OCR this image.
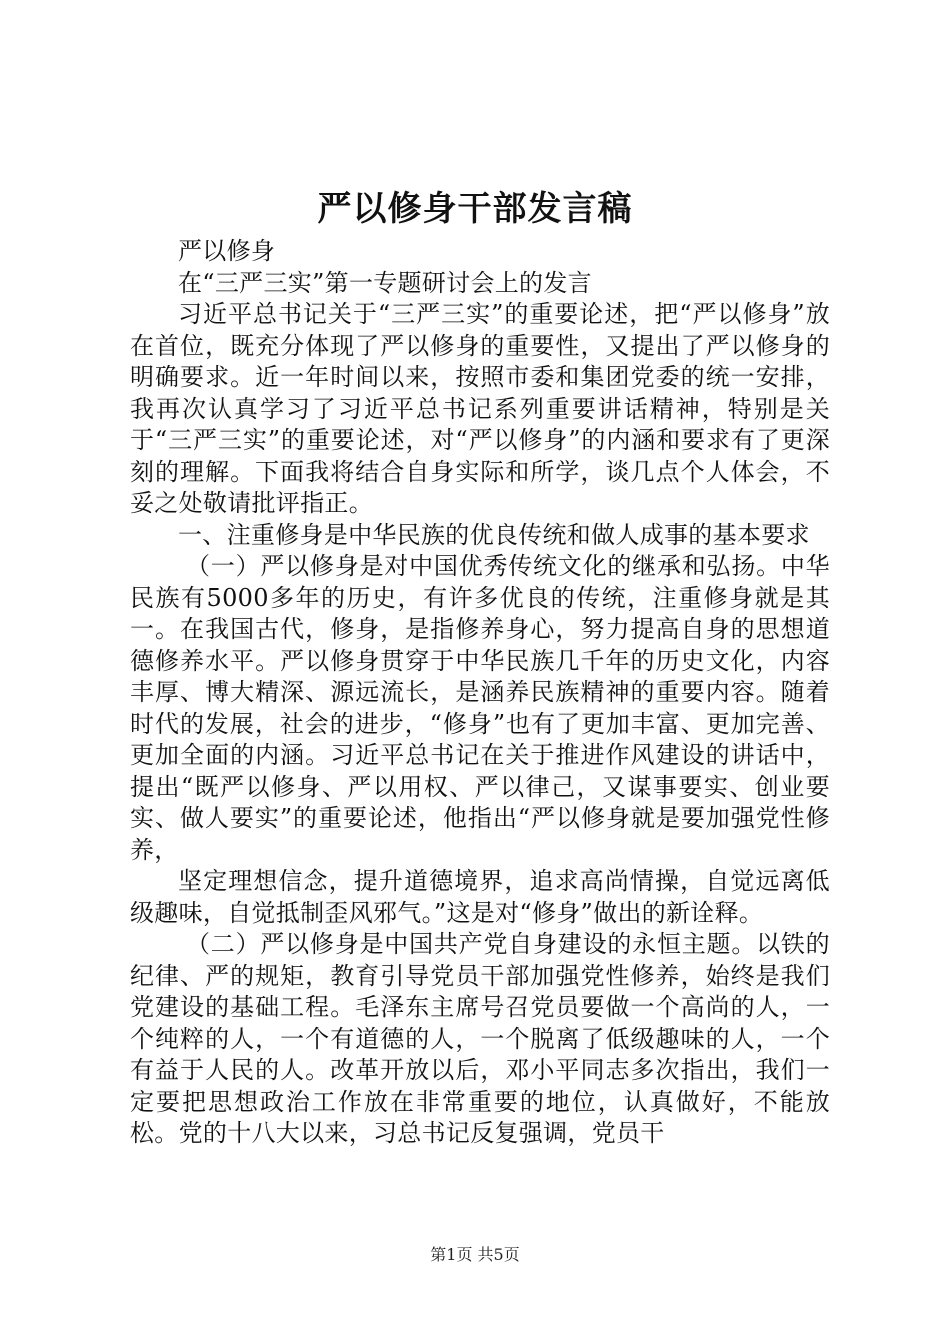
严以修身干部发言稿

严以修身

在“三严三实”第一专题研讨会上的发言

习近平总书记关于“三严三实”的重要论述，把“严以修身”放在首位，既充分体现了严以修身的重要性，又提出了严以修身的明确要求。近一年时间以来，按照市委和集团党委的统一安排，我再次认真学习了习近平总书记系列重要讲话精神，特别是关于“三严三实”的重要论述，对“严以修身”的内涵和要求有了更深刻的理解。下面我将结合自身实际和所学，谈几点个人体会，不妥之处敬请批评指正。

一、注重修身是中华民族的优良传统和做人成事的基本要求

（一）严以修身是对中国优秀传统文化的继承和弘扬。中华民族有5000多年的历史，有许多优良的传统，注重修身就是其一。在我国古代，修身，是指修养身心，努力提高自身的思想道德修养水平。严以修身贯穿于中华民族几千年的历史文化，内容丰厚、博大精深、源远流长，是涵养民族精神的重要内容。随着时代的发展，社会的进步，“修身”也有了更加丰富、更加完善、更加全面的内涵。习近平总书记在关于推进作风建设的讲话中，提出“既严以修身、严以用权、严以律己，又谋事要实、创业要实、做人要实”的重要论述，他指出“严以修身就是要加强党性修养，

坚定理想信念，提升道德境界，追求高尚情操，自觉远离低级趣味，自觉抵制歪风邪气。”这是对“修身”做出的新诠释。

（二）严以修身是中国共产党自身建设的永恒主题。以铁的纪律、严的规矩，教育引导党员干部加强党性修养，始终是我们党建设的基础工程。毛泽东主席号召党员要做一个高尚的人，一个纯粹的人，一个有道德的人，一个脱离了低级趣味的人，一个有益于人民的人。改革开放以后，邓小平同志多次指出，我们一定要把思想政治工作放在非常重要的地位，认真做好，不能放松。党的十八大以来，习总书记反复强调，党员干

第1页 共5页
